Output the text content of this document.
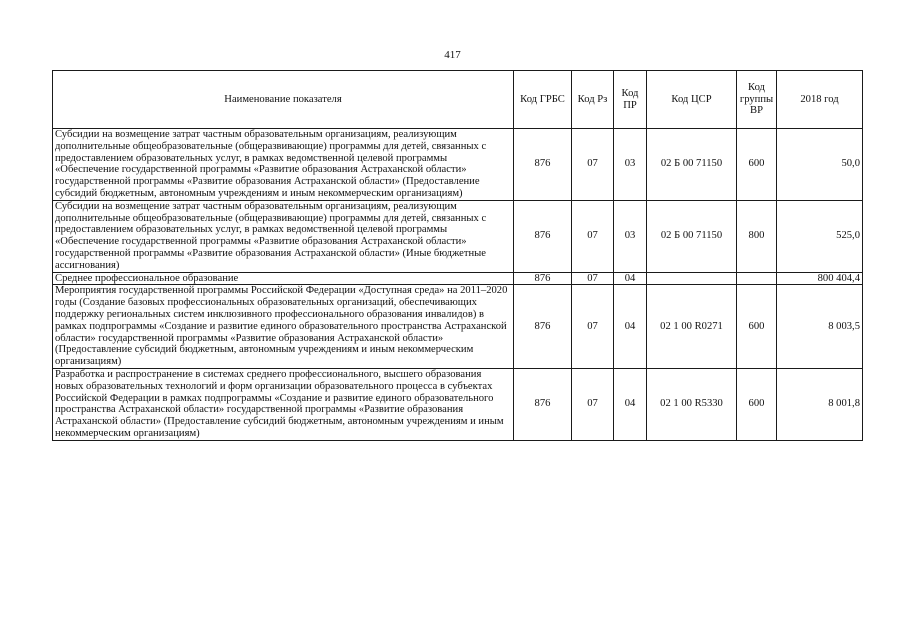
417
Наименование показателя	Код ГРБС	Код Рз	Код ПР	Код ЦСР	Код группы ВР	2018 год
Субсидии на возмещение затрат частным образовательным организациям, реализующим дополнительные общеобразовательные (общеразвивающие) программы для детей, связанных с предоставлением образовательных услуг, в рамках ведомственной целевой программы «Обеспечение государственной программы «Развитие образования Астраханской области» государственной программы «Развитие образования Астраханской области» (Предоставление субсидий бюджетным, автономным учреждениям и иным некоммерческим организациям)	876	07	03	02 Б 00 71150	600	50,0
Субсидии на возмещение затрат частным образовательным организациям, реализующим дополнительные общеобразовательные (общеразвивающие) программы для детей, связанных с предоставлением образовательных услуг, в рамках ведомственной целевой программы «Обеспечение государственной программы «Развитие образования Астраханской области» государственной программы «Развитие образования Астраханской области» (Иные бюджетные ассигнования)	876	07	03	02 Б 00 71150	800	525,0
Среднее профессиональное образование	876	07	04			800 404,4
Мероприятия государственной программы Российской Федерации «Доступная среда» на 2011–2020 годы (Создание базовых профессиональных образовательных организаций, обеспечивающих поддержку региональных систем инклюзивного профессионального образования инвалидов) в рамках подпрограммы «Создание и развитие единого образовательного пространства Астраханской области» государственной программы «Развитие образования Астраханской области» (Предоставление субсидий бюджетным, автономным учреждениям и иным некоммерческим организациям)	876	07	04	02 1 00 R0271	600	8 003,5
Разработка и распространение в системах среднего профессионального, высшего образования новых образовательных технологий и форм организации образовательного процесса в субъектах Российской Федерации в рамках подпрограммы «Создание и развитие единого образовательного пространства Астраханской области» государственной программы «Развитие образования Астраханской области» (Предоставление субсидий бюджетным, автономным учреждениям и иным некоммерческим организациям)	876	07	04	02 1 00 R5330	600	8 001,8
